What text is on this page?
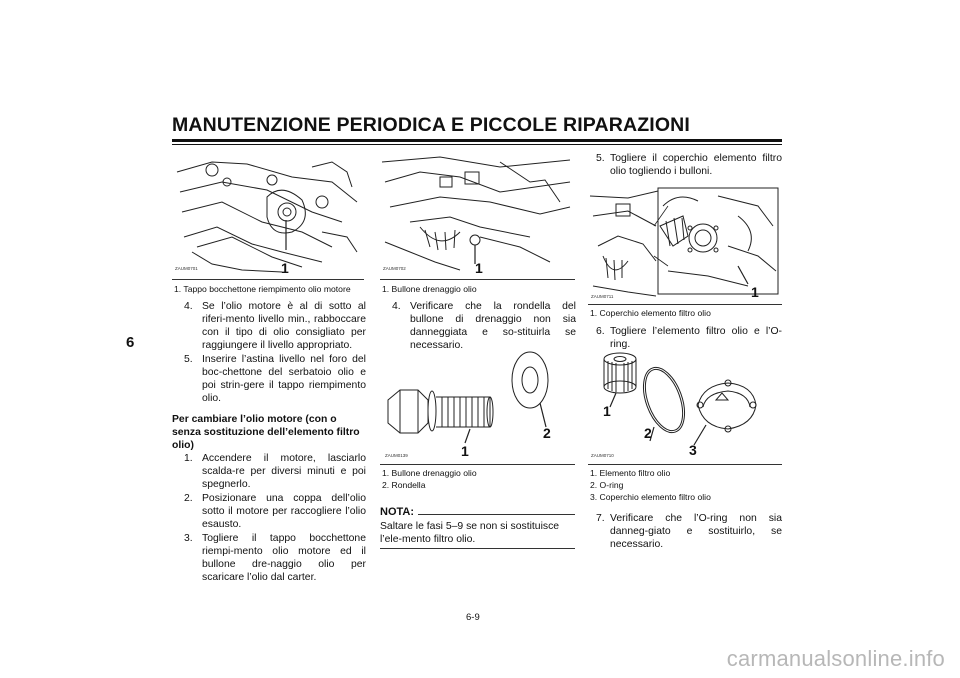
MANUTENZIONE PERIODICA E PICCOLE RIPARAZIONI
6
ZAUM0701	1
1. Tappo bocchettone riempimento olio motore
4. Se l’olio motore è al di sotto al riferi-mento livello min., rabboccare con il tipo di olio consigliato per raggiungere il livello appropriato.
5. Inserire l’astina livello nel foro del boc-chettone del serbatoio olio e poi strin-gere il tappo riempimento olio.
Per cambiare l’olio motore (con o senza sostituzione dell’elemento filtro olio)
1. Accendere il motore, lasciarlo scalda-re per diversi minuti e poi spegnerlo.
2. Posizionare una coppa dell’olio sotto il motore per raccogliere l’olio esausto.
3. Togliere il tappo bocchettone riempi-mento olio motore ed il bullone dre-naggio olio per scaricare l’olio dal carter.
ZAUM0702	1
1. Bullone drenaggio olio
4. Verificare che la rondella del bullone di drenaggio non sia danneggiata e so-stituirla se necessario.
ZAUM0139	1
2
1. Bullone drenaggio olio
2. Rondella
NOTA:
Saltare le fasi 5–9 se non si sostituisce l’ele-mento filtro olio.
5. Togliere il coperchio elemento filtro olio togliendo i bulloni.
ZAUM0711	1
1. Coperchio elemento filtro olio
6. Togliere l’elemento filtro olio e l’O-ring.
ZAUM0710
1
2
3
1. Elemento filtro olio
2. O-ring
3. Coperchio elemento filtro olio
7. Verificare che l’O-ring non sia danneg-giato e sostituirlo, se necessario.
6-9
carmanualsonline.info
